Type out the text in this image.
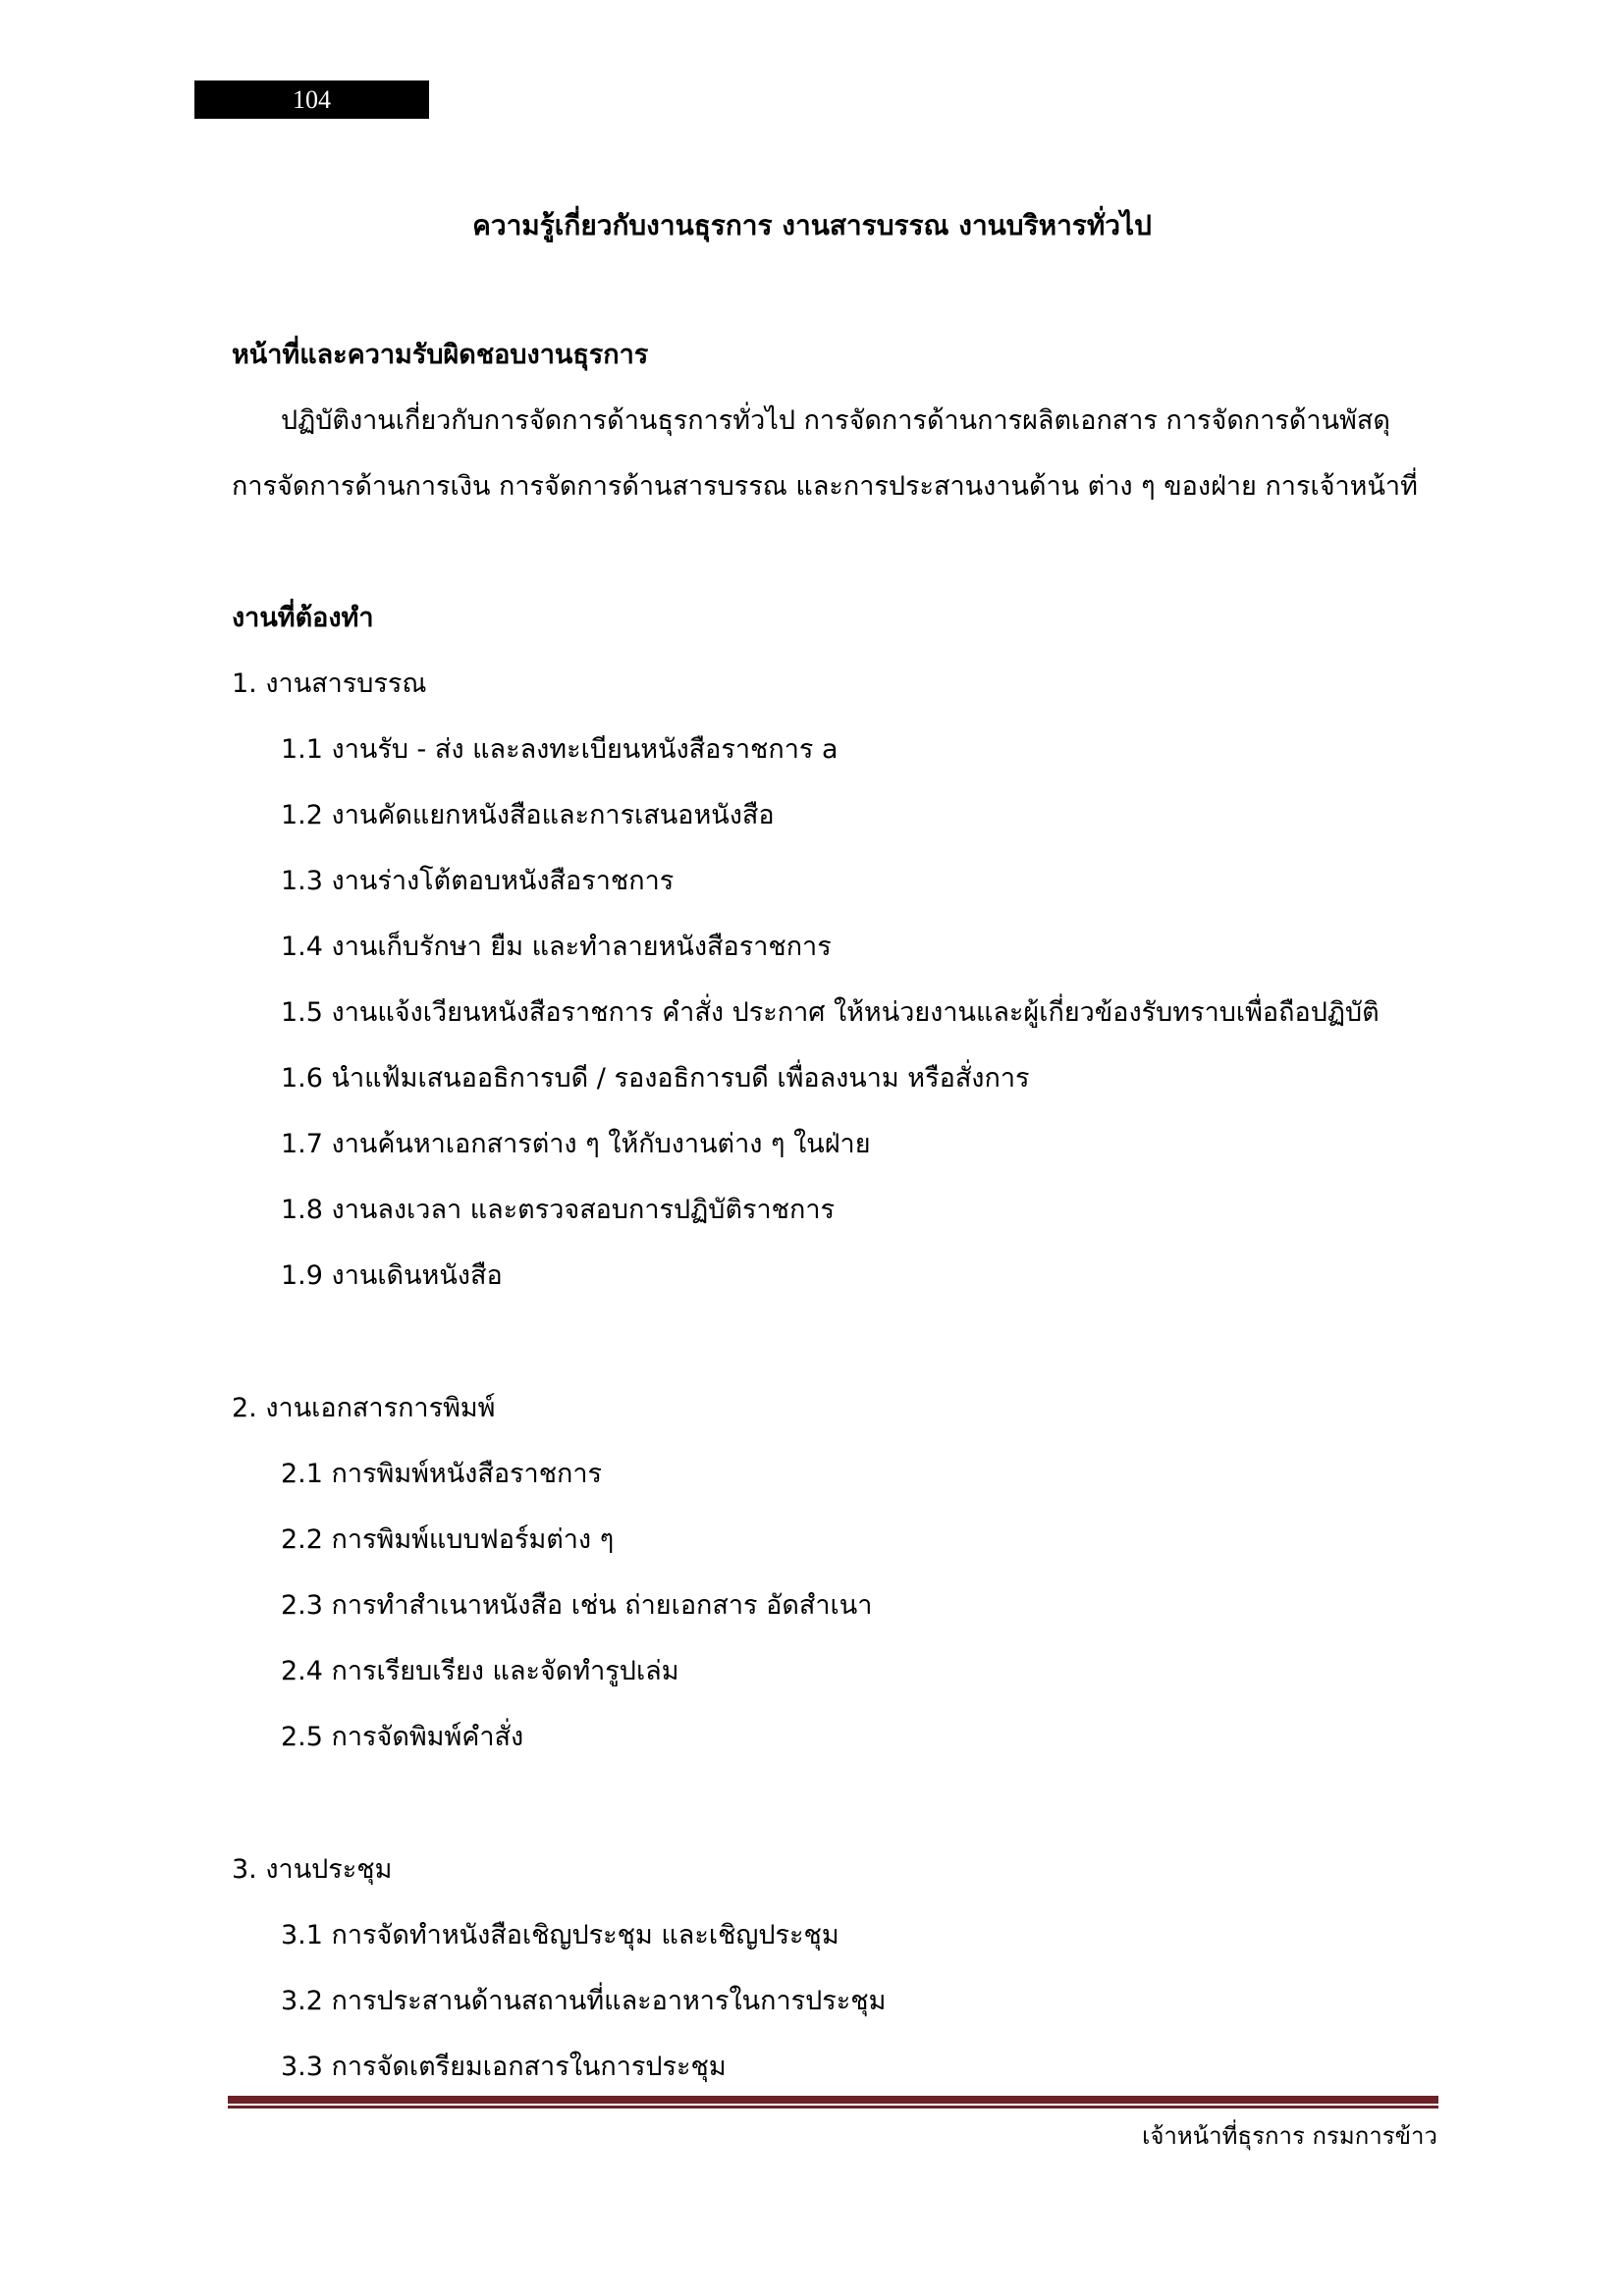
104
ความรู้เกี่ยวกับงานธุรการ งานสารบรรณ งานบริหารทั่วไป
หน้าที่และความรับผิดชอบงานธุรการ
ปฏิบัติงานเกี่ยวกับการจัดการด้านธุรการทั่วไป การจัดการด้านการผลิตเอกสาร การจัดการด้านพัสดุ
การจัดการด้านการเงิน การจัดการด้านสารบรรณ และการประสานงานด้าน ต่าง ๆ ของฝ่าย การเจ้าหน้าที่
งานที่ต้องทำ
1. งานสารบรรณ
1.1 งานรับ - ส่ง และลงทะเบียนหนังสือราชการ a
1.2 งานคัดแยกหนังสือและการเสนอหนังสือ
1.3 งานร่างโต้ตอบหนังสือราชการ
1.4 งานเก็บรักษา ยืม และทำลายหนังสือราชการ
1.5 งานแจ้งเวียนหนังสือราชการ คำสั่ง ประกาศ ให้หน่วยงานและผู้เกี่ยวข้องรับทราบเพื่อถือปฏิบัติ
1.6 นำแฟ้มเสนออธิการบดี / รองอธิการบดี เพื่อลงนาม หรือสั่งการ
1.7 งานค้นหาเอกสารต่าง ๆ ให้กับงานต่าง ๆ ในฝ่าย
1.8 งานลงเวลา และตรวจสอบการปฏิบัติราชการ
1.9 งานเดินหนังสือ
2. งานเอกสารการพิมพ์
2.1 การพิมพ์หนังสือราชการ
2.2 การพิมพ์แบบฟอร์มต่าง ๆ
2.3 การทำสำเนาหนังสือ เช่น ถ่ายเอกสาร อัดสำเนา
2.4 การเรียบเรียง และจัดทำรูปเล่ม
2.5 การจัดพิมพ์คำสั่ง
3. งานประชุม
3.1 การจัดทำหนังสือเชิญประชุม และเชิญประชุม
3.2 การประสานด้านสถานที่และอาหารในการประชุม
3.3 การจัดเตรียมเอกสารในการประชุม
เจ้าหน้าที่ธุรการ กรมการข้าว
